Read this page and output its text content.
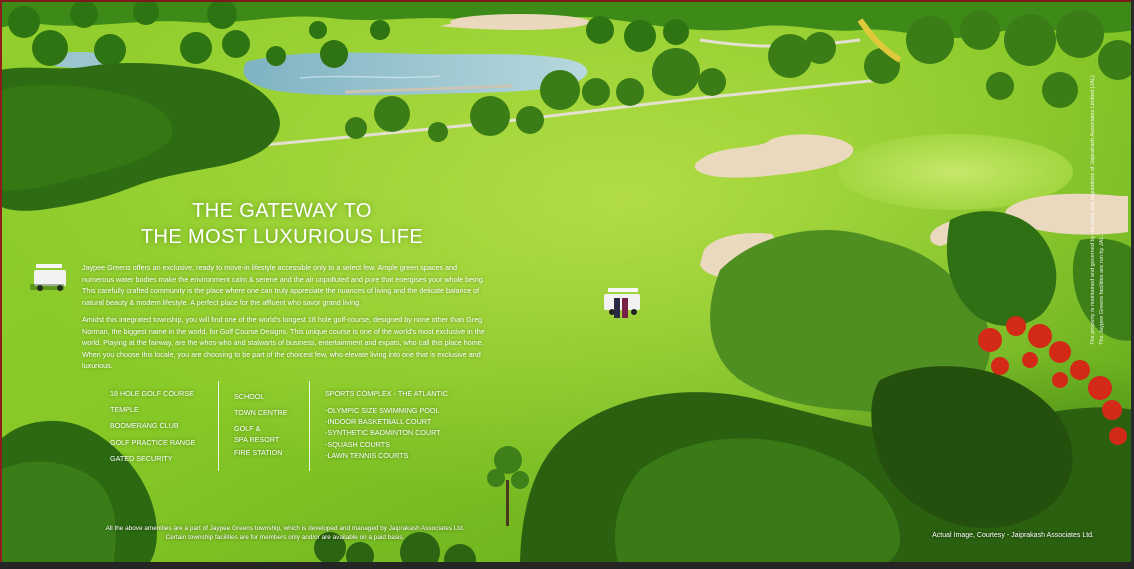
THE GATEWAY TO
THE MOST LUXURIOUS LIFE

Jaypee Greens offers an exclusive, ready to move-in lifestyle accessible only to a select few. Ample green spaces and numerous water bodies make the environment calm & serene and the air unpolluted and pure that energises your whole being. This carefully crafted community is the place where one can truly appreciate the nuances of living and the delicate balance of natural beauty & modern lifestyle. A perfect place for the affluent who savor grand living.

Amidst this integrated township, you will find one of the world's longest 18 hole golf-course, designed by none other than Greg Norman, the biggest name in the world, for Golf Course Designs. This unique course is one of the world's most exclusive in the world. Playing at the fairway, are the whos-who and stalwarts of business, entertainment and expats, who call this place home. When you choose this locale, you are choosing to be part of the choicest few, who elevate living into one that is exclusive and luxurious.

18 HOLE GOLF COURSE
TEMPLE
BOOMERANG CLUB
GOLF PRACTICE RANGE
GATED SECURITY
SCHOOL
TOWN CENTRE
GOLF &
SPA RESORT
FIRE STATION
SPORTS COMPLEX - THE ATLANTIC
-OLYMPIC SIZE SWIMMING POOL
-INDOOR BASKETBALL COURT
-SYNTHETIC BADMINTON COURT
-SQUASH COURTS
-LAWN TENNIS COURTS

All the above amenities are a part of Jaypee Greens township, which is developed and managed by Jaiprakash Associates Ltd.
Certain township facilities are for members only and/or are available on a paid basis.	Actual Image, Courtesy - Jaiprakash Associates Ltd.

The property is maintained and governed by the rules and regulations of Jaiprakash Associates Limited (JAL) The Jaypee Greens facilities are run by JAL.
